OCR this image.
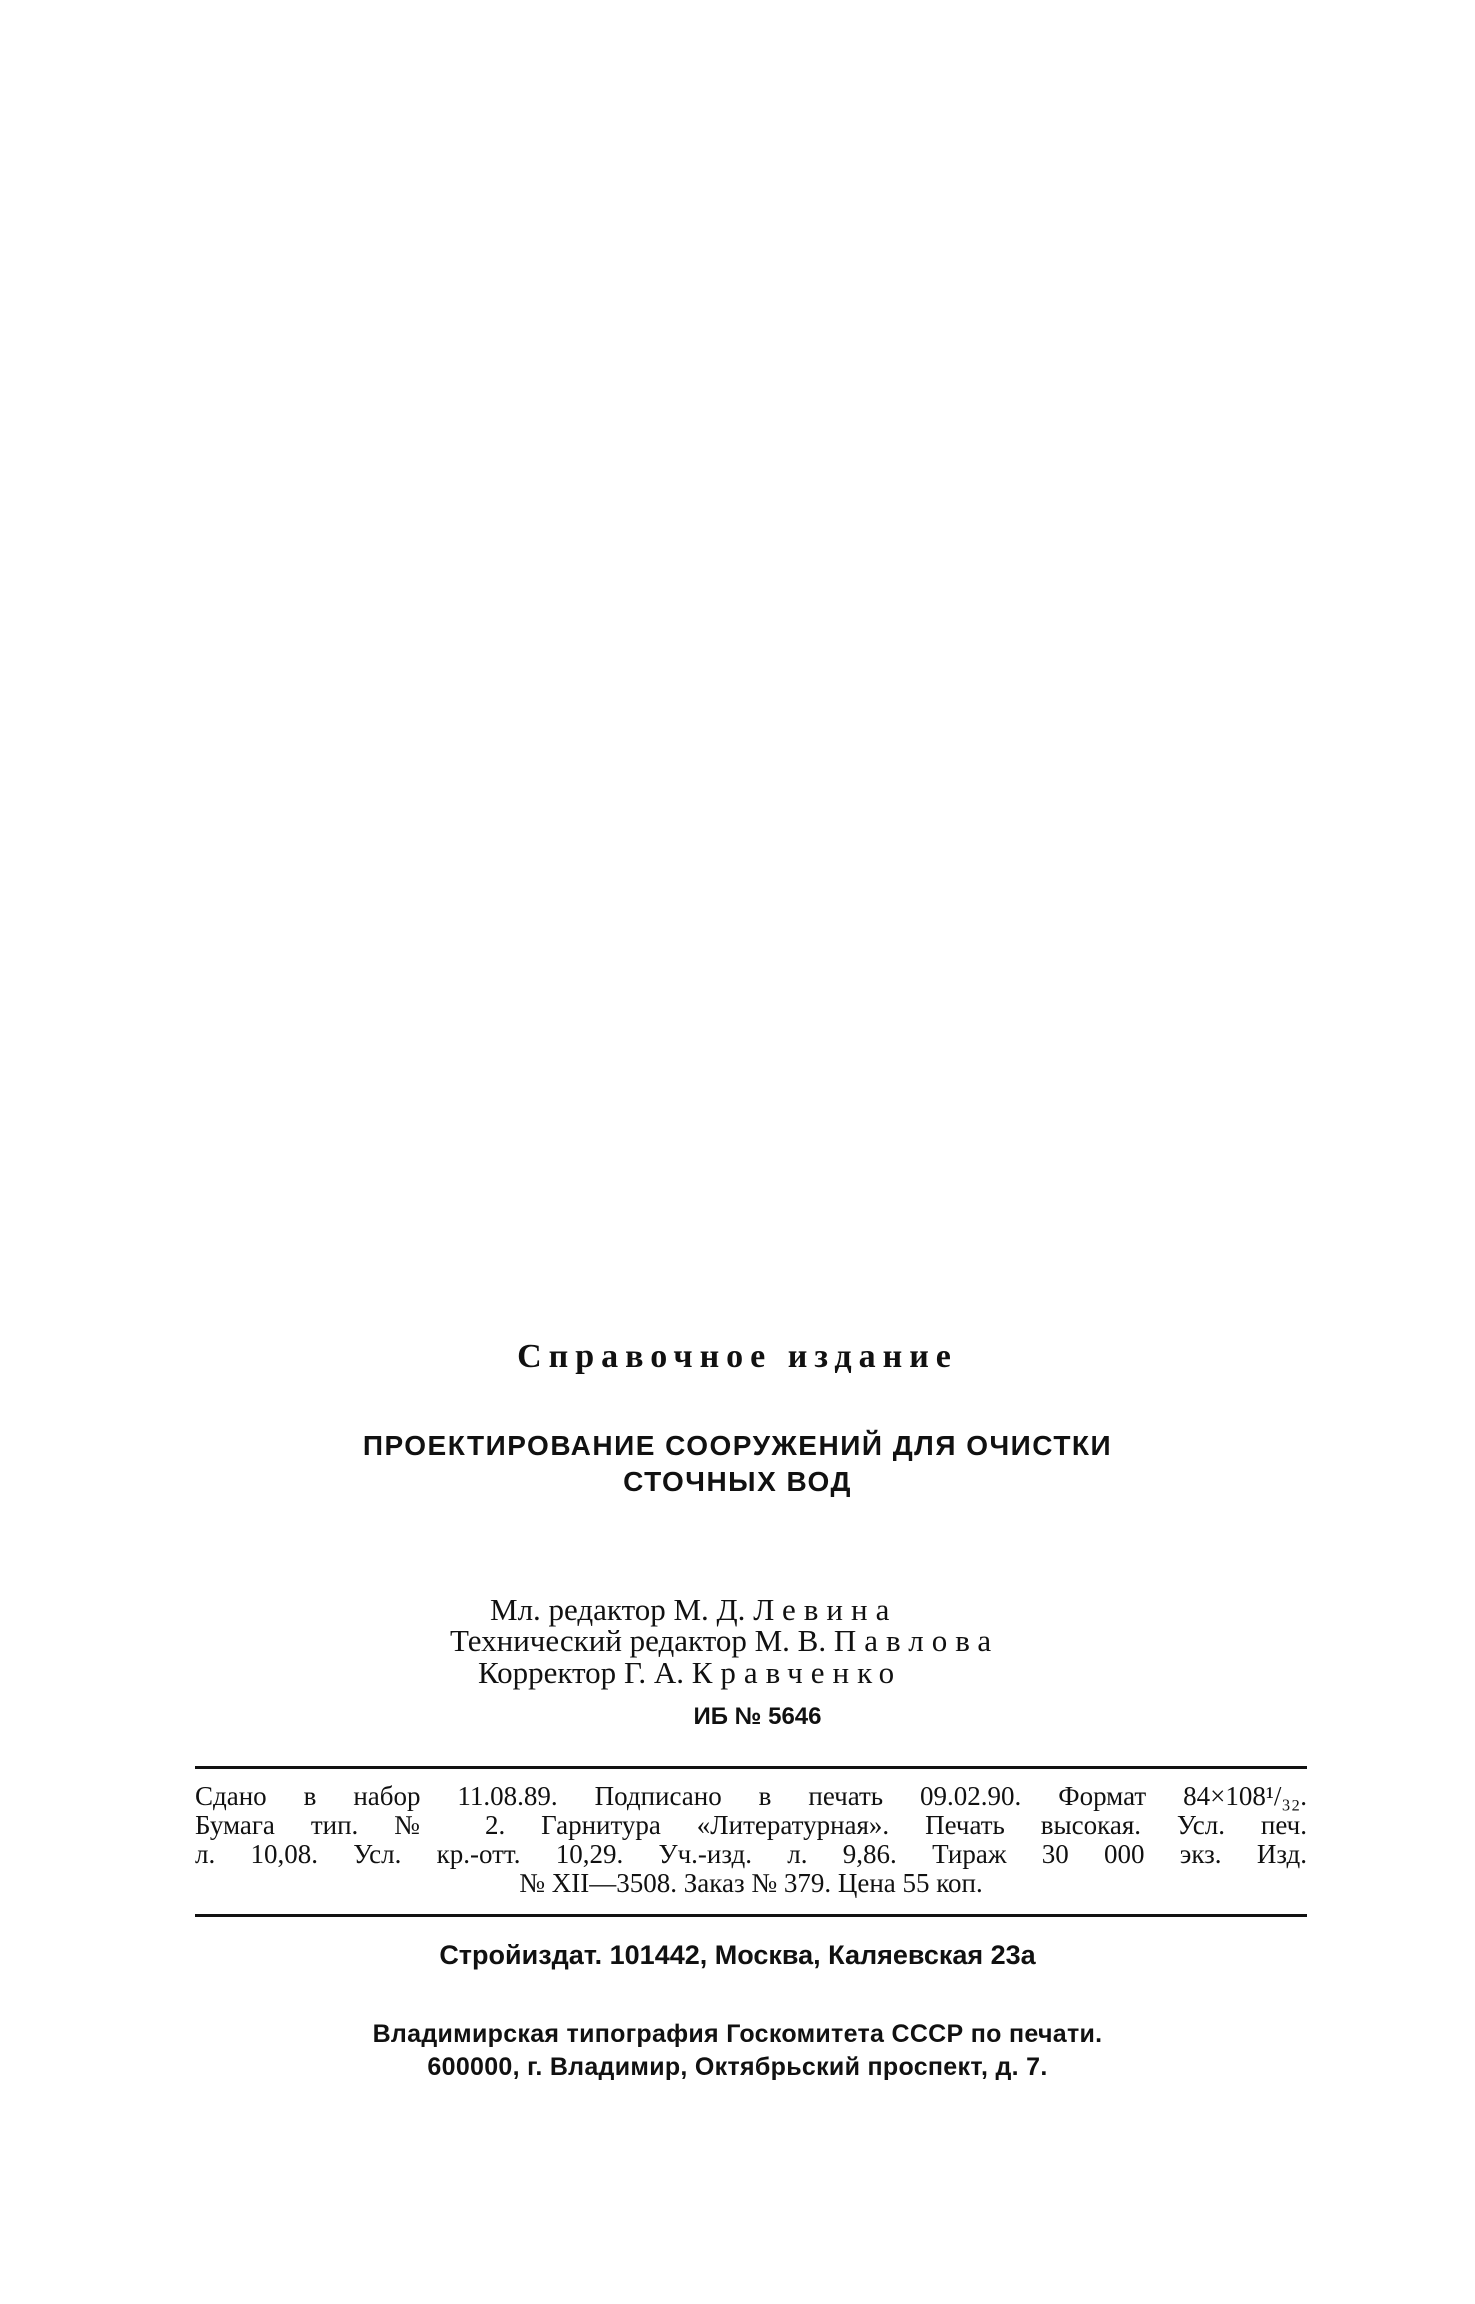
Справочное издание
ПРОЕКТИРОВАНИЕ СООРУЖЕНИЙ ДЛЯ ОЧИСТКИ
СТОЧНЫХ ВОД
Мл. редактор М. Д. Левина
Технический редактор М. В. Павлова
Корректор Г. А. Кравченко
ИБ № 5646
Сдано в набор 11.08.89. Подписано в печать 09.02.90. Формат 84×108¹/₃₂.
Бумага тип. № 2. Гарнитура «Литературная». Печать высокая. Усл. печ.
л. 10,08. Усл. кр.-отт. 10,29. Уч.-изд. л. 9,86. Тираж 30 000 экз. Изд.
№ XII—3508. Заказ № 379. Цена 55 коп.
Стройиздат. 101442, Москва, Каляевская 23а
Владимирская типография Госкомитета СССР по печати.
600000, г. Владимир, Октябрьский проспект, д. 7.
